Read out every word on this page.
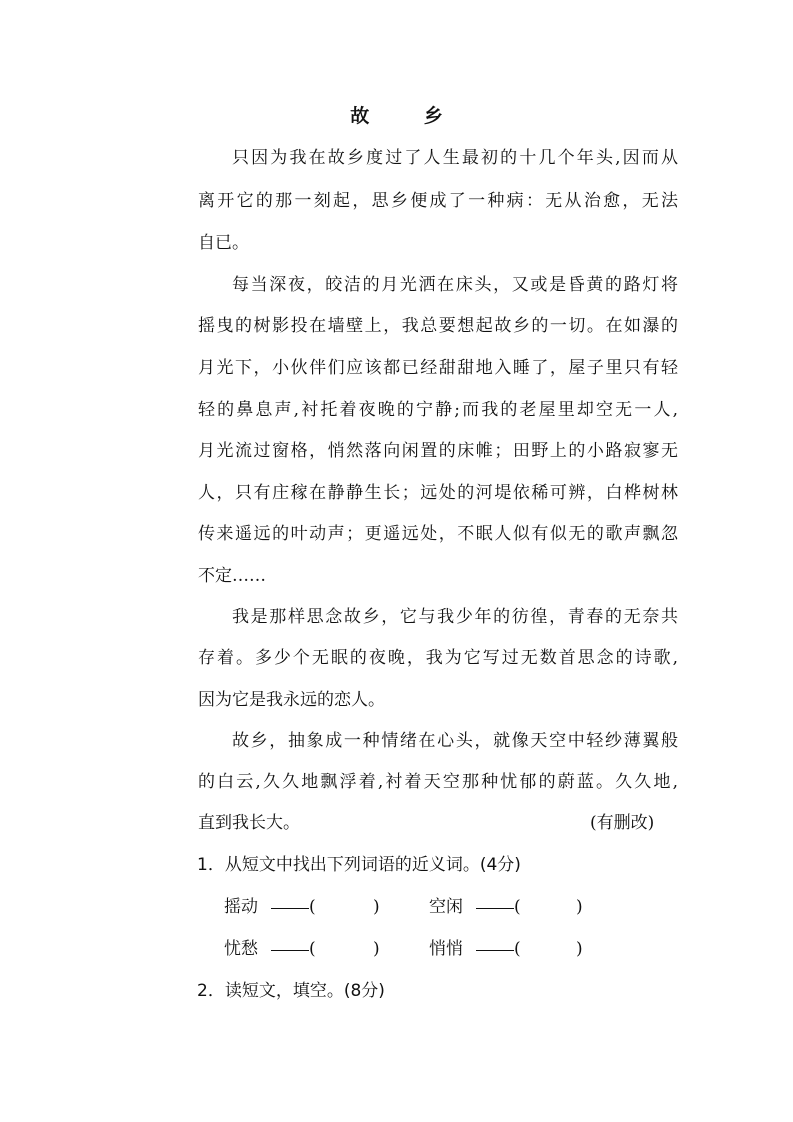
故 乡
只因为我在故乡度过了人生最初的十几个年头,因而从
离开它的那一刻起，思乡便成了一种病：无从治愈，无法
自已。
每当深夜，皎洁的月光洒在床头，又或是昏黄的路灯将
摇曳的树影投在墙壁上，我总要想起故乡的一切。在如瀑的
月光下，小伙伴们应该都已经甜甜地入睡了，屋子里只有轻
轻的鼻息声,衬托着夜晚的宁静;而我的老屋里却空无一人,
月光流过窗格，悄然落向闲置的床帷；田野上的小路寂寥无
人，只有庄稼在静静生长；远处的河堤依稀可辨，白桦树林
传来遥远的叶动声；更遥远处，不眠人似有似无的歌声飘忽
不定……
我是那样思念故乡，它与我少年的彷徨，青春的无奈共
存着。多少个无眠的夜晚，我为它写过无数首思念的诗歌,
因为它是我永远的恋人。
故乡，抽象成一种情绪在心头，就像天空中轻纱薄翼般
的白云,久久地飘浮着,衬着天空那种忧郁的蔚蓝。久久地,
直到我长大。	(有删改)
1．从短文中找出下列词语的近义词。(4分)
摇动	(	)	空闲	(	)
忧愁	(	)	悄悄	(	)
2．读短文，填空。(8分)
